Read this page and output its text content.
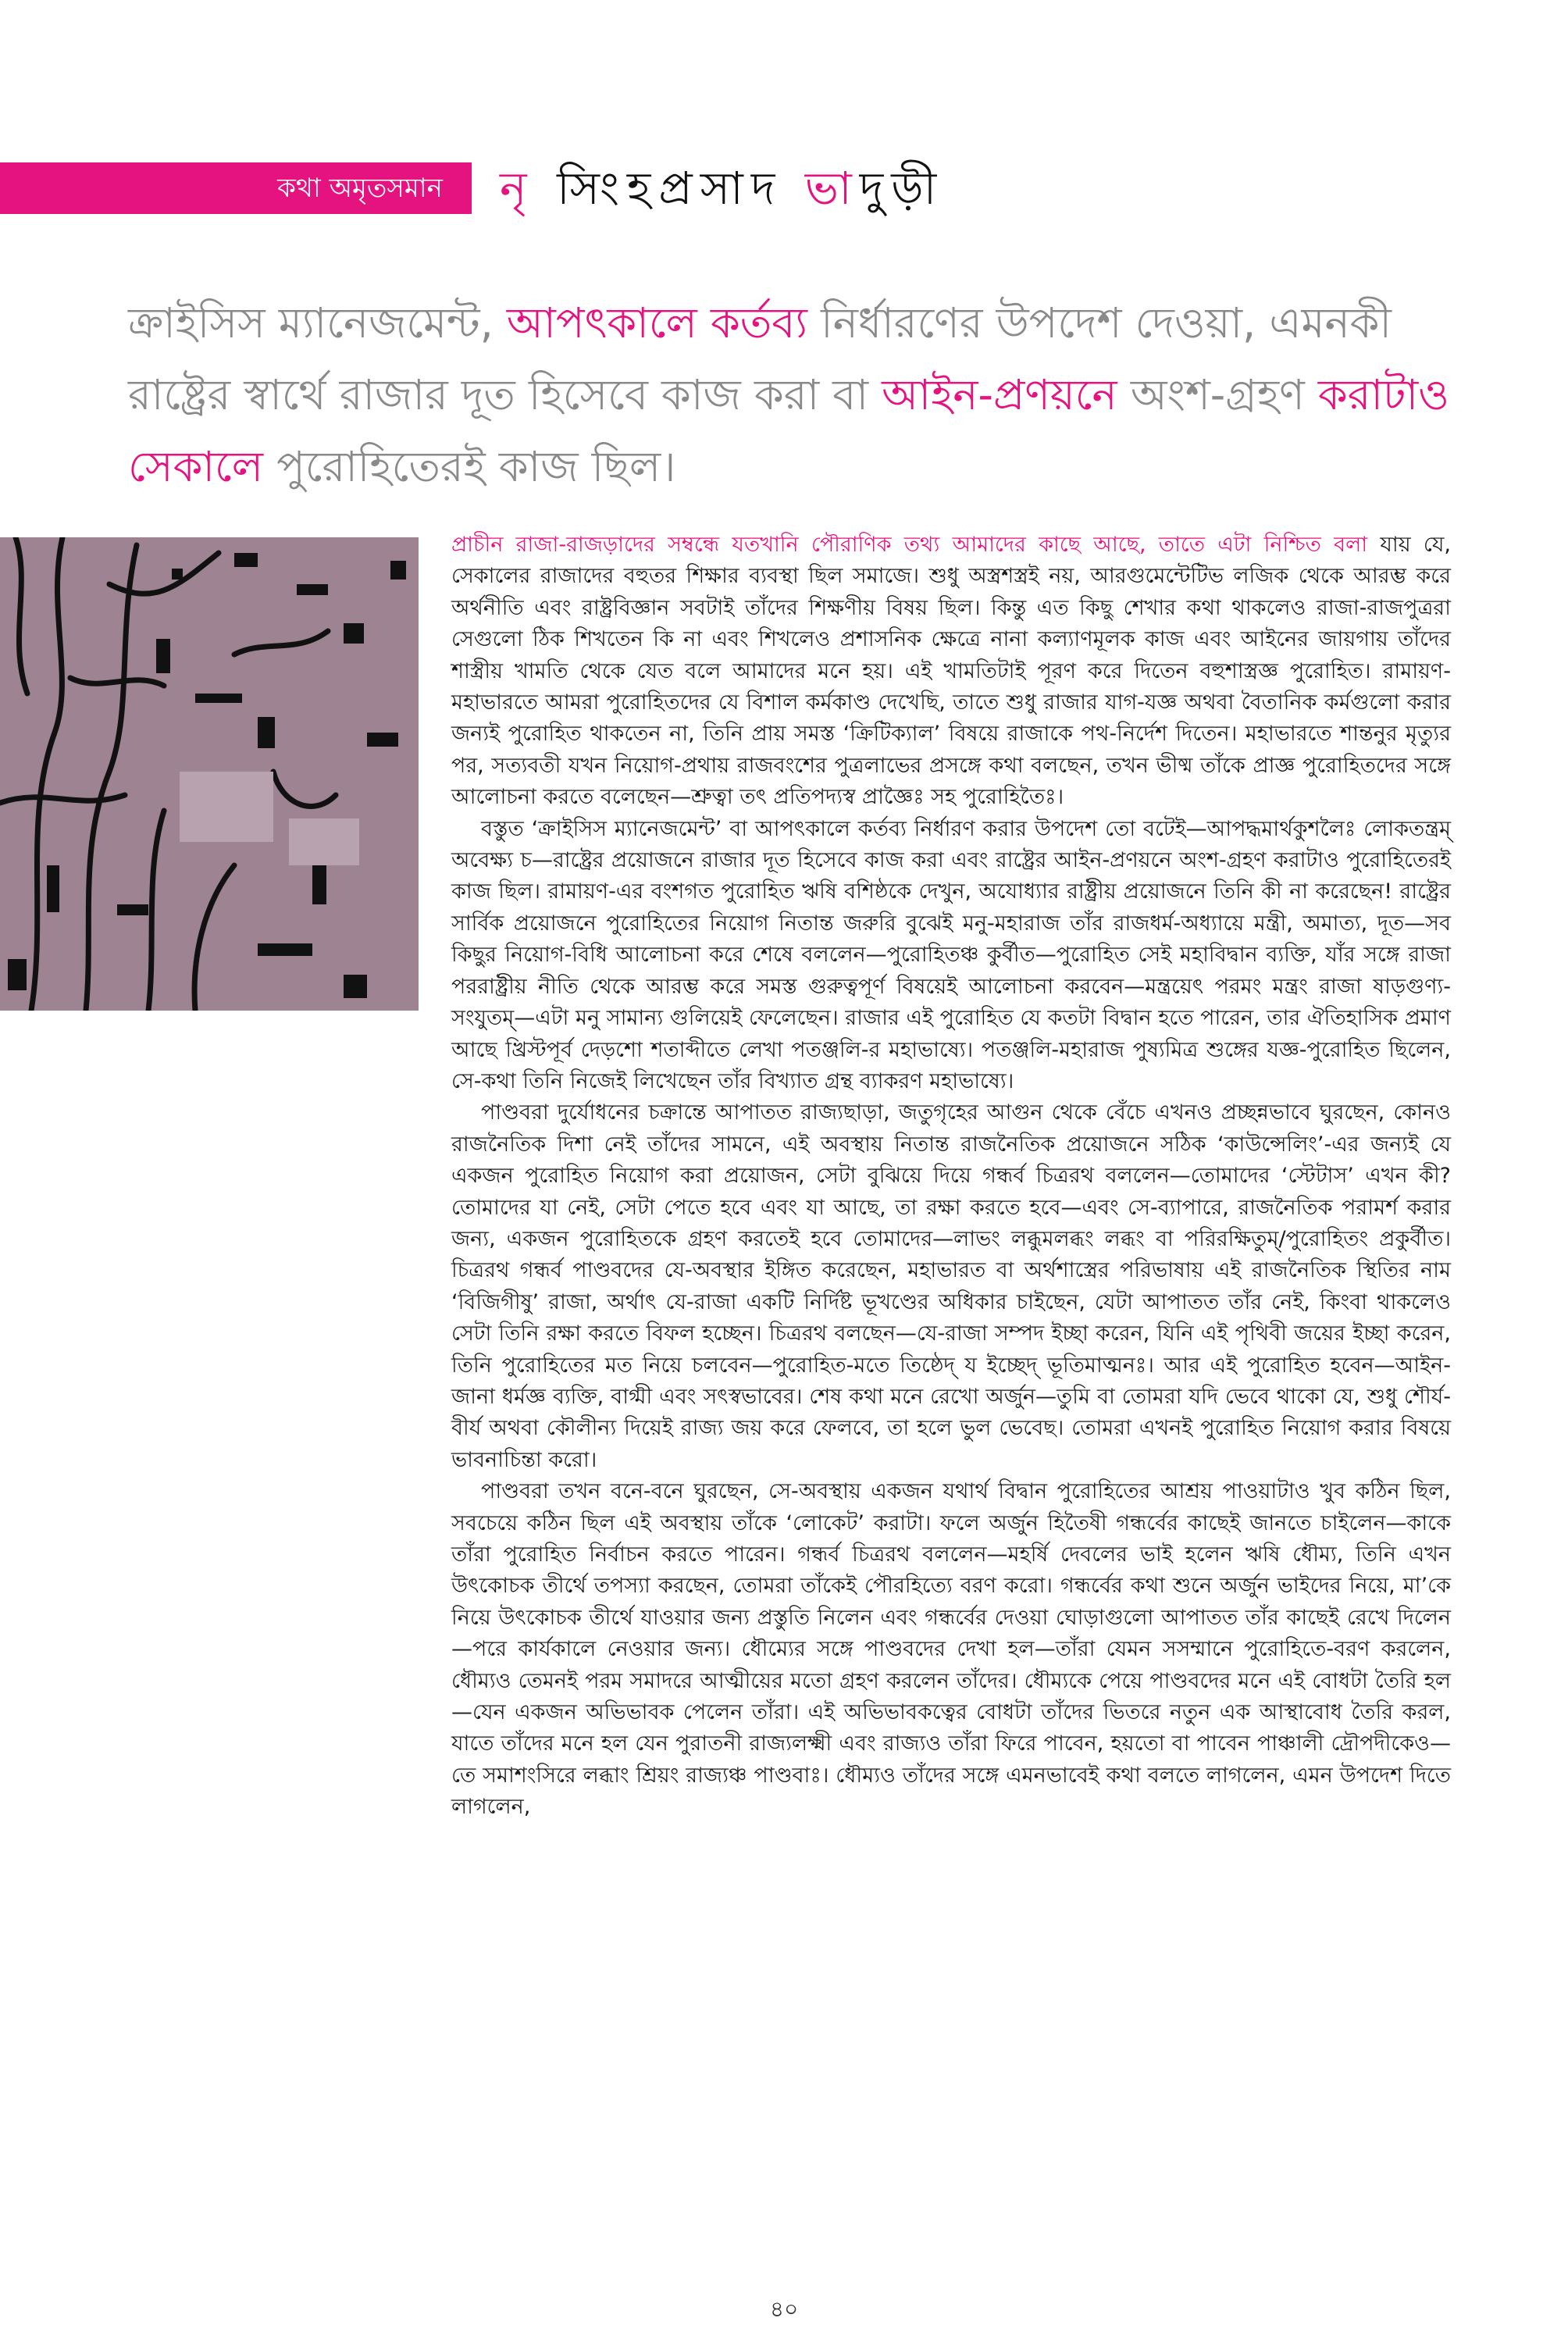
কথা অমৃতসমান	নৃ সিংহপ্রসাদ ভাদুড়ী
ক্রাইসিস ম্যানেজমেন্ট, আপৎকালে কর্তব্য নির্ধারণের উপদেশ দেওয়া, এমনকী রাষ্ট্রের স্বার্থে রাজার দূত হিসেবে কাজ করা বা আইন-প্রণয়নে অংশ-গ্রহণ করাটাও সেকালে পুরোহিতেরই কাজ ছিল।

প্রাচীন রাজা-রাজড়াদের সম্বন্ধে যতখানি পৌরাণিক তথ্য আমাদের কাছে আছে, তাতে এটা নিশ্চিত বলা যায় যে, সেকালের রাজাদের বহুতর শিক্ষার ব্যবস্থা ছিল সমাজে। শুধু অস্ত্রশস্ত্রই নয়, আরগুমেন্টেটিভ লজিক থেকে আরম্ভ করে অর্থনীতি এবং রাষ্ট্রবিজ্ঞান সবটাই তাঁদের শিক্ষণীয় বিষয় ছিল। কিন্তু এত কিছু শেখার কথা থাকলেও রাজা-রাজপুত্ররা সেগুলো ঠিক শিখতেন কি না এবং শিখলেও প্রশাসনিক ক্ষেত্রে নানা কল্যাণমূলক কাজ এবং আইনের জায়গায় তাঁদের শাস্ত্রীয় খামতি থেকে যেত বলে আমাদের মনে হয়। এই খামতিটাই পূরণ করে দিতেন বহুশাস্ত্রজ্ঞ পুরোহিত। রামায়ণ-মহাভারতে আমরা পুরোহিতদের যে বিশাল কর্মকাণ্ড দেখেছি, তাতে শুধু রাজার যাগ-যজ্ঞ অথবা বৈতানিক কর্মগুলো করার জন্যই পুরোহিত থাকতেন না, তিনি প্রায় সমস্ত ‘ক্রিটিক্যাল’ বিষয়ে রাজাকে পথ-নির্দেশ দিতেন। মহাভারতে শান্তনুর মৃত্যুর পর, সত্যবতী যখন নিয়োগ-প্রথায় রাজবংশের পুত্রলাভের প্রসঙ্গে কথা বলছেন, তখন ভীষ্ম তাঁকে প্রাজ্ঞ পুরোহিতদের সঙ্গে আলোচনা করতে বলেছেন—শ্রুত্বা তৎ প্রতিপদ্যস্ব প্রাজ্ঞৈঃ সহ পুরোহিতৈঃ।

বস্তুত ‘ক্রাইসিস ম্যানেজমেন্ট’ বা আপৎকালে কর্তব্য নির্ধারণ করার উপদেশ তো বটেই—আপদ্ধমার্থকুশলৈঃ লোকতন্ত্রম্ অবেক্ষ্য চ—রাষ্ট্রের প্রয়োজনে রাজার দূত হিসেবে কাজ করা এবং রাষ্ট্রের আইন-প্রণয়নে অংশ-গ্রহণ করাটাও পুরোহিতেরই কাজ ছিল। রামায়ণ-এর বংশগত পুরোহিত ঋষি বশিষ্ঠকে দেখুন, অযোধ্যার রাষ্ট্রীয় প্রয়োজনে তিনি কী না করেছেন! রাষ্ট্রের সার্বিক প্রয়োজনে পুরোহিতের নিয়োগ নিতান্ত জরুরি বুঝেই মনু-মহারাজ তাঁর রাজধর্ম-অধ্যায়ে মন্ত্রী, অমাত্য, দূত—সব কিছুর নিয়োগ-বিধি আলোচনা করে শেষে বললেন—পুরোহিতঞ্চ কুর্বীত—পুরোহিত সেই মহাবিদ্বান ব্যক্তি, যাঁর সঙ্গে রাজা পররাষ্ট্রীয় নীতি থেকে আরম্ভ করে সমস্ত গুরুত্বপূর্ণ বিষয়েই আলোচনা করবেন—মন্ত্রয়েৎ পরমং মন্ত্রং রাজা ষাড়গুণ্য-সংযুতম্—এটা মনু সামান্য গুলিয়েই ফেলেছেন। রাজার এই পুরোহিত যে কতটা বিদ্বান হতে পারেন, তার ঐতিহাসিক প্রমাণ আছে খ্রিস্টপূর্ব দেড়শো শতাব্দীতে লেখা পতঞ্জলি-র মহাভাষ্যে। পতঞ্জলি-মহারাজ পুষ্যমিত্র শুঙ্গের যজ্ঞ-পুরোহিত ছিলেন, সে-কথা তিনি নিজেই লিখেছেন তাঁর বিখ্যাত গ্রন্থ ব্যাকরণ মহাভাষ্যে।

পাণ্ডবরা দুর্যোধনের চক্রান্তে আপাতত রাজ্যছাড়া, জতুগৃহের আগুন থেকে বেঁচে এখনও প্রচ্ছন্নভাবে ঘুরছেন, কোনও রাজনৈতিক দিশা নেই তাঁদের সামনে, এই অবস্থায় নিতান্ত রাজনৈতিক প্রয়োজনে সঠিক ‘কাউন্সেলিং’-এর জন্যই যে একজন পুরোহিত নিয়োগ করা প্রয়োজন, সেটা বুঝিয়ে দিয়ে গন্ধর্ব চিত্ররথ বললেন—তোমাদের ‘স্টেটাস’ এখন কী? তোমাদের যা নেই, সেটা পেতে হবে এবং যা আছে, তা রক্ষা করতে হবে—এবং সে-ব্যাপারে, রাজনৈতিক পরামর্শ করার জন্য, একজন পুরোহিতকে গ্রহণ করতেই হবে তোমাদের—লাভং লব্ধুমলব্ধং লব্ধং বা পরিরক্ষিতুম্/পুরোহিতং প্রকুর্বীত। চিত্ররথ গন্ধর্ব পাণ্ডবদের যে-অবস্থার ইঙ্গিত করেছেন, মহাভারত বা অর্থশাস্ত্রের পরিভাষায় এই রাজনৈতিক স্থিতির নাম ‘বিজিগীষু’ রাজা, অর্থাৎ যে-রাজা একটি নির্দিষ্ট ভূখণ্ডের অধিকার চাইছেন, যেটা আপাতত তাঁর নেই, কিংবা থাকলেও সেটা তিনি রক্ষা করতে বিফল হচ্ছেন। চিত্ররথ বলছেন—যে-রাজা সম্পদ ইচ্ছা করেন, যিনি এই পৃথিবী জয়ের ইচ্ছা করেন, তিনি পুরোহিতের মত নিয়ে চলবেন—পুরোহিত-মতে তিষ্ঠেদ্ য ইচ্ছেদ্ ভূতিমাত্মনঃ। আর এই পুরোহিত হবেন—আইন-জানা ধর্মজ্ঞ ব্যক্তি, বাগ্মী এবং সৎস্বভাবের। শেষ কথা মনে রেখো অর্জুন—তুমি বা তোমরা যদি ভেবে থাকো যে, শুধু শৌর্য-বীর্য অথবা কৌলীন্য দিয়েই রাজ্য জয় করে ফেলবে, তা হলে ভুল ভেবেছ। তোমরা এখনই পুরোহিত নিয়োগ করার বিষয়ে ভাবনাচিন্তা করো।

পাণ্ডবরা তখন বনে-বনে ঘুরছেন, সে-অবস্থায় একজন যথার্থ বিদ্বান পুরোহিতের আশ্রয় পাওয়াটাও খুব কঠিন ছিল, সবচেয়ে কঠিন ছিল এই অবস্থায় তাঁকে ‘লোকেট’ করাটা। ফলে অর্জুন হিতৈষী গন্ধর্বের কাছেই জানতে চাইলেন—কাকে তাঁরা পুরোহিত নির্বাচন করতে পারেন। গন্ধর্ব চিত্ররথ বললেন—মহর্ষি দেবলের ভাই হলেন ঋষি ধৌম্য, তিনি এখন উৎকোচক তীর্থে তপস্যা করছেন, তোমরা তাঁকেই পৌরহিত্যে বরণ করো। গন্ধর্বের কথা শুনে অর্জুন ভাইদের নিয়ে, মা’কে নিয়ে উৎকোচক তীর্থে যাওয়ার জন্য প্রস্তুতি নিলেন এবং গন্ধর্বের দেওয়া ঘোড়াগুলো আপাতত তাঁর কাছেই রেখে দিলেন—পরে কার্যকালে নেওয়ার জন্য। ধৌম্যের সঙ্গে পাণ্ডবদের দেখা হল—তাঁরা যেমন সসম্মানে পুরোহিতে-বরণ করলেন, ধৌম্যও তেমনই পরম সমাদরে আত্মীয়ের মতো গ্রহণ করলেন তাঁদের। ধৌম্যকে পেয়ে পাণ্ডবদের মনে এই বোধটা তৈরি হল—যেন একজন অভিভাবক পেলেন তাঁরা। এই অভিভাবকত্বের বোধটা তাঁদের ভিতরে নতুন এক আস্থাবোধ তৈরি করল, যাতে তাঁদের মনে হল যেন পুরাতনী রাজ্যলক্ষ্মী এবং রাজ্যও তাঁরা ফিরে পাবেন, হয়তো বা পাবেন পাঞ্চালী দ্রৌপদীকেও—তে সমাশংসিরে লব্ধাং শ্রিয়ং রাজ্যঞ্চ পাণ্ডবাঃ। ধৌম্যও তাঁদের সঙ্গে এমনভাবেই কথা বলতে লাগলেন, এমন উপদেশ দিতে লাগলেন,

৪০
